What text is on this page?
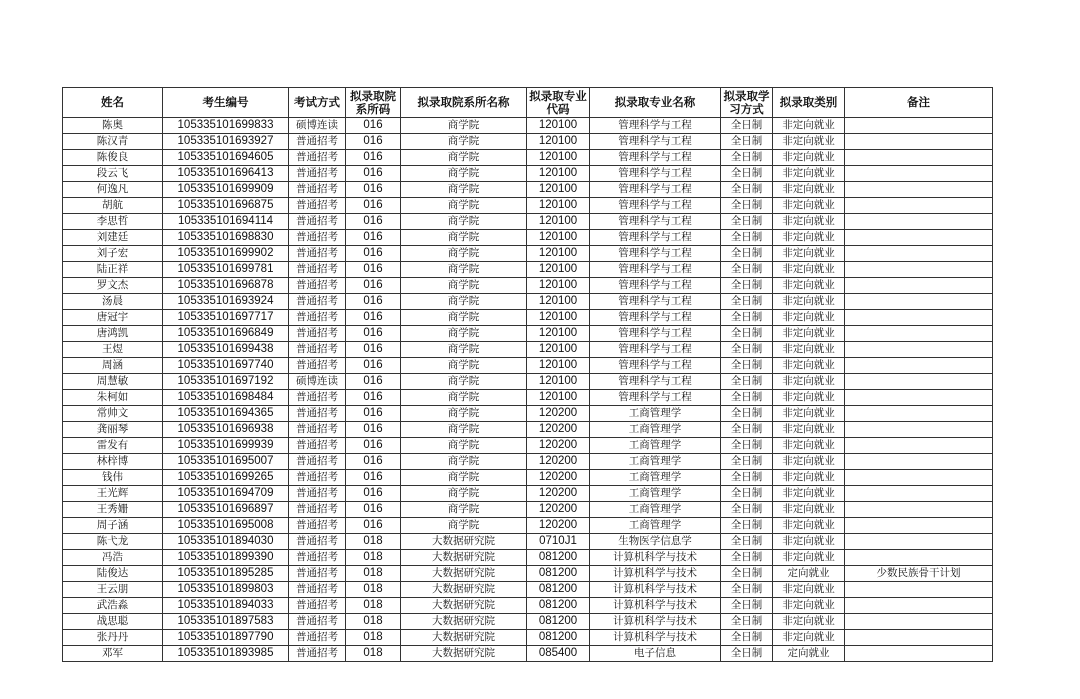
姓名	考生编号	考试方式	拟录取院系所码	拟录取院系所名称	拟录取专业代码	拟录取专业名称	拟录取学习方式	拟录取类别	备注
陈奥	105335101699833	硕博连读	016	商学院	120100	管理科学与工程	全日制	非定向就业	
陈汉青	105335101693927	普通招考	016	商学院	120100	管理科学与工程	全日制	非定向就业	
陈俊良	105335101694605	普通招考	016	商学院	120100	管理科学与工程	全日制	非定向就业	
段云飞	105335101696413	普通招考	016	商学院	120100	管理科学与工程	全日制	非定向就业	
何逸凡	105335101699909	普通招考	016	商学院	120100	管理科学与工程	全日制	非定向就业	
胡航	105335101696875	普通招考	016	商学院	120100	管理科学与工程	全日制	非定向就业	
李思哲	105335101694114	普通招考	016	商学院	120100	管理科学与工程	全日制	非定向就业	
刘建廷	105335101698830	普通招考	016	商学院	120100	管理科学与工程	全日制	非定向就业	
刘子宏	105335101699902	普通招考	016	商学院	120100	管理科学与工程	全日制	非定向就业	
陆正祥	105335101699781	普通招考	016	商学院	120100	管理科学与工程	全日制	非定向就业	
罗文杰	105335101696878	普通招考	016	商学院	120100	管理科学与工程	全日制	非定向就业	
汤晨	105335101693924	普通招考	016	商学院	120100	管理科学与工程	全日制	非定向就业	
唐冠宇	105335101697717	普通招考	016	商学院	120100	管理科学与工程	全日制	非定向就业	
唐鸿凯	105335101696849	普通招考	016	商学院	120100	管理科学与工程	全日制	非定向就业	
王煜	105335101699438	普通招考	016	商学院	120100	管理科学与工程	全日制	非定向就业	
周涵	105335101697740	普通招考	016	商学院	120100	管理科学与工程	全日制	非定向就业	
周慧敏	105335101697192	硕博连读	016	商学院	120100	管理科学与工程	全日制	非定向就业	
朱柯如	105335101698484	普通招考	016	商学院	120100	管理科学与工程	全日制	非定向就业	
常帅文	105335101694365	普通招考	016	商学院	120200	工商管理学	全日制	非定向就业	
龚丽琴	105335101696938	普通招考	016	商学院	120200	工商管理学	全日制	非定向就业	
雷发有	105335101699939	普通招考	016	商学院	120200	工商管理学	全日制	非定向就业	
林梓博	105335101695007	普通招考	016	商学院	120200	工商管理学	全日制	非定向就业	
钱伟	105335101699265	普通招考	016	商学院	120200	工商管理学	全日制	非定向就业	
王光辉	105335101694709	普通招考	016	商学院	120200	工商管理学	全日制	非定向就业	
王秀姗	105335101696897	普通招考	016	商学院	120200	工商管理学	全日制	非定向就业	
周子涵	105335101695008	普通招考	016	商学院	120200	工商管理学	全日制	非定向就业	
陈弋龙	105335101894030	普通招考	018	大数据研究院	0710J1	生物医学信息学	全日制	非定向就业	
冯浩	105335101899390	普通招考	018	大数据研究院	081200	计算机科学与技术	全日制	非定向就业	
陆俊达	105335101895285	普通招考	018	大数据研究院	081200	计算机科学与技术	全日制	定向就业	少数民族骨干计划
王云朋	105335101899803	普通招考	018	大数据研究院	081200	计算机科学与技术	全日制	非定向就业	
武浩淼	105335101894033	普通招考	018	大数据研究院	081200	计算机科学与技术	全日制	非定向就业	
战思聪	105335101897583	普通招考	018	大数据研究院	081200	计算机科学与技术	全日制	非定向就业	
张丹丹	105335101897790	普通招考	018	大数据研究院	081200	计算机科学与技术	全日制	非定向就业	
邓军	105335101893985	普通招考	018	大数据研究院	085400	电子信息	全日制	定向就业	
